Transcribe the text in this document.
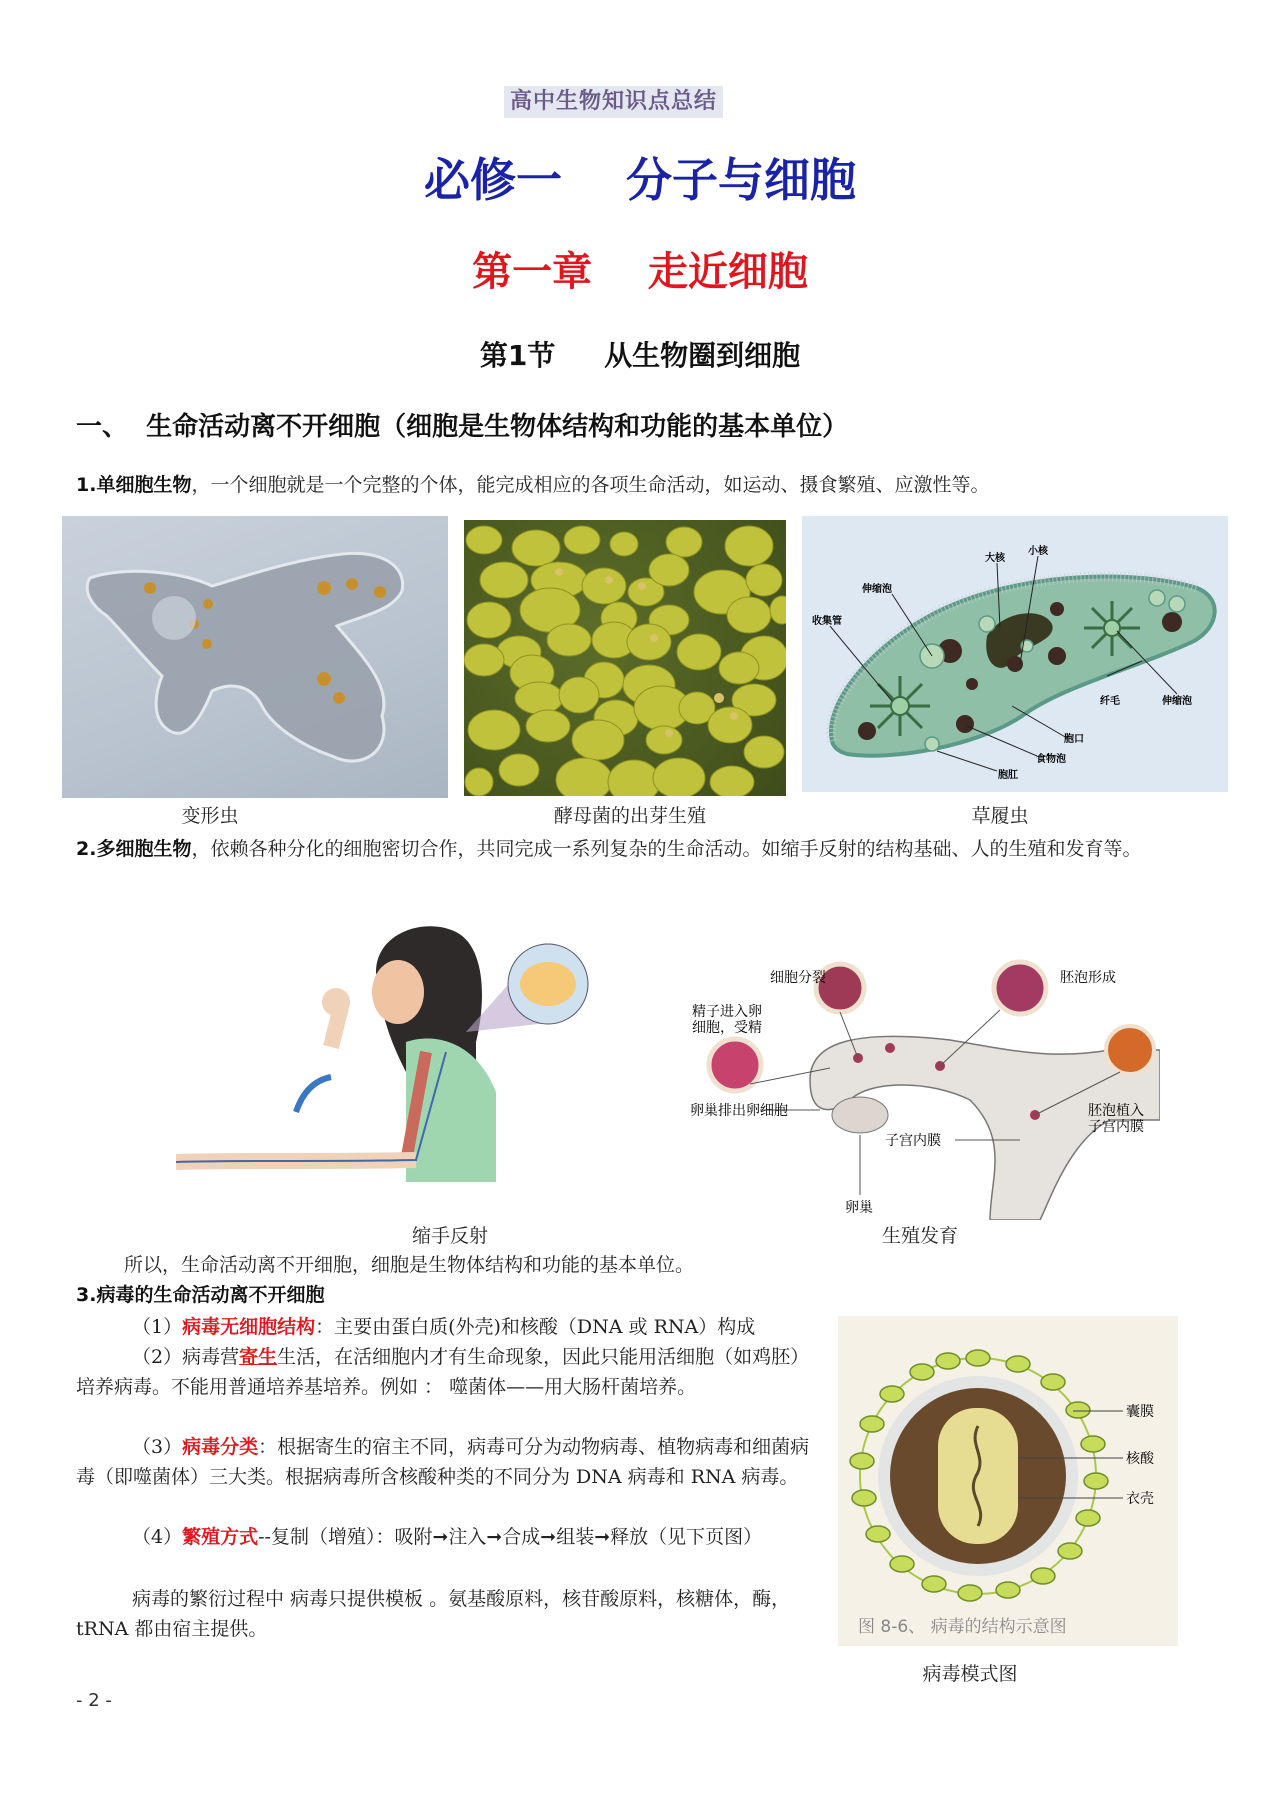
高中生物知识点总结
必修一    分子与细胞
第一章    走近细胞
第1节     从生物圈到细胞
一、  生命活动离不开细胞（细胞是生物体结构和功能的基本单位）
1.单细胞生物，一个细胞就是一个完整的个体，能完成相应的各项生命活动，如运动、摄食繁殖、应激性等。
大核
小核
伸缩泡
收集管
纤毛	伸缩泡
胞口
食物泡
胞肛
变形虫	酵母菌的出芽生殖	草履虫
2.多细胞生物，依赖各种分化的细胞密切合作，共同完成一系列复杂的生命活动。如缩手反射的结构基础、人的生殖和发育等。
细胞分裂	胚泡形成
精子进入卵细胞，受精
卵巢排出卵细胞	胚泡植入子宫内膜
子宫内膜
卵巢
缩手反射	生殖发育
所以，生命活动离不开细胞，细胞是生物体结构和功能的基本单位。
3.病毒的生命活动离不开细胞
（1）病毒无细胞结构：主要由蛋白质(外壳)和核酸（DNA 或 RNA）构成
（2）病毒营寄生生活，在活细胞内才有生命现象，因此只能用活细胞（如鸡胚）培养病毒。不能用普通培养基培养。例如 ： 噬菌体——用大肠杆菌培养。
（3）病毒分类：根据寄生的宿主不同，病毒可分为动物病毒、植物病毒和细菌病毒（即噬菌体）三大类。根据病毒所含核酸种类的不同分为 DNA 病毒和 RNA 病毒。
（4）繁殖方式--复制（增殖）：吸附➞注入➞合成➞组装➞释放（见下页图）
病毒的繁衍过程中 病毒只提供模板 。氨基酸原料，核苷酸原料，核糖体，酶，tRNA 都由宿主提供。
囊膜
核酸
衣壳
图 8-6、 病毒的结构示意图
病毒模式图
- 2 -
